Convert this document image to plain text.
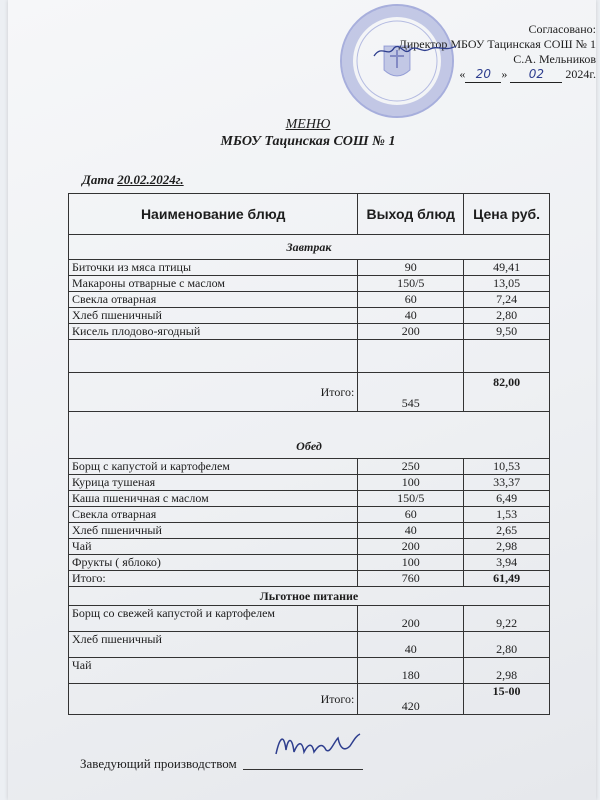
Согласовано:
Директор МБОУ Тацинская СОШ № 1
С.А. Мельников
« 20 » 02 2024г.
МЕНЮ
МБОУ Тацинская СОШ № 1
Дата 20.02.2024г.
Наименование блюд	Выход блюд	Цена руб.
Завтрак		
Биточки из мяса птицы	90	49,41
Макароны отварные с маслом	150/5	13,05
Свекла отварная	60	7,24
Хлеб пшеничный	40	2,80
Кисель плодово-ягодный	200	9,50

Итого:	545	82,00
Обед		
Борщ с капустой и картофелем	250	10,53
Курица тушеная	100	33,37
Каша пшеничная с маслом	150/5	6,49
Свекла отварная	60	1,53
Хлеб пшеничный	40	2,65
Чай	200	2,98
Фрукты ( яблоко)	100	3,94
Итого:	760	61,49
Льготное питание		
Борщ со свежей капустой и картофелем	200	9,22
Хлеб пшеничный	40	2,80
Чай	180	2,98
Итого:	420	15-00
Заведующий производством
